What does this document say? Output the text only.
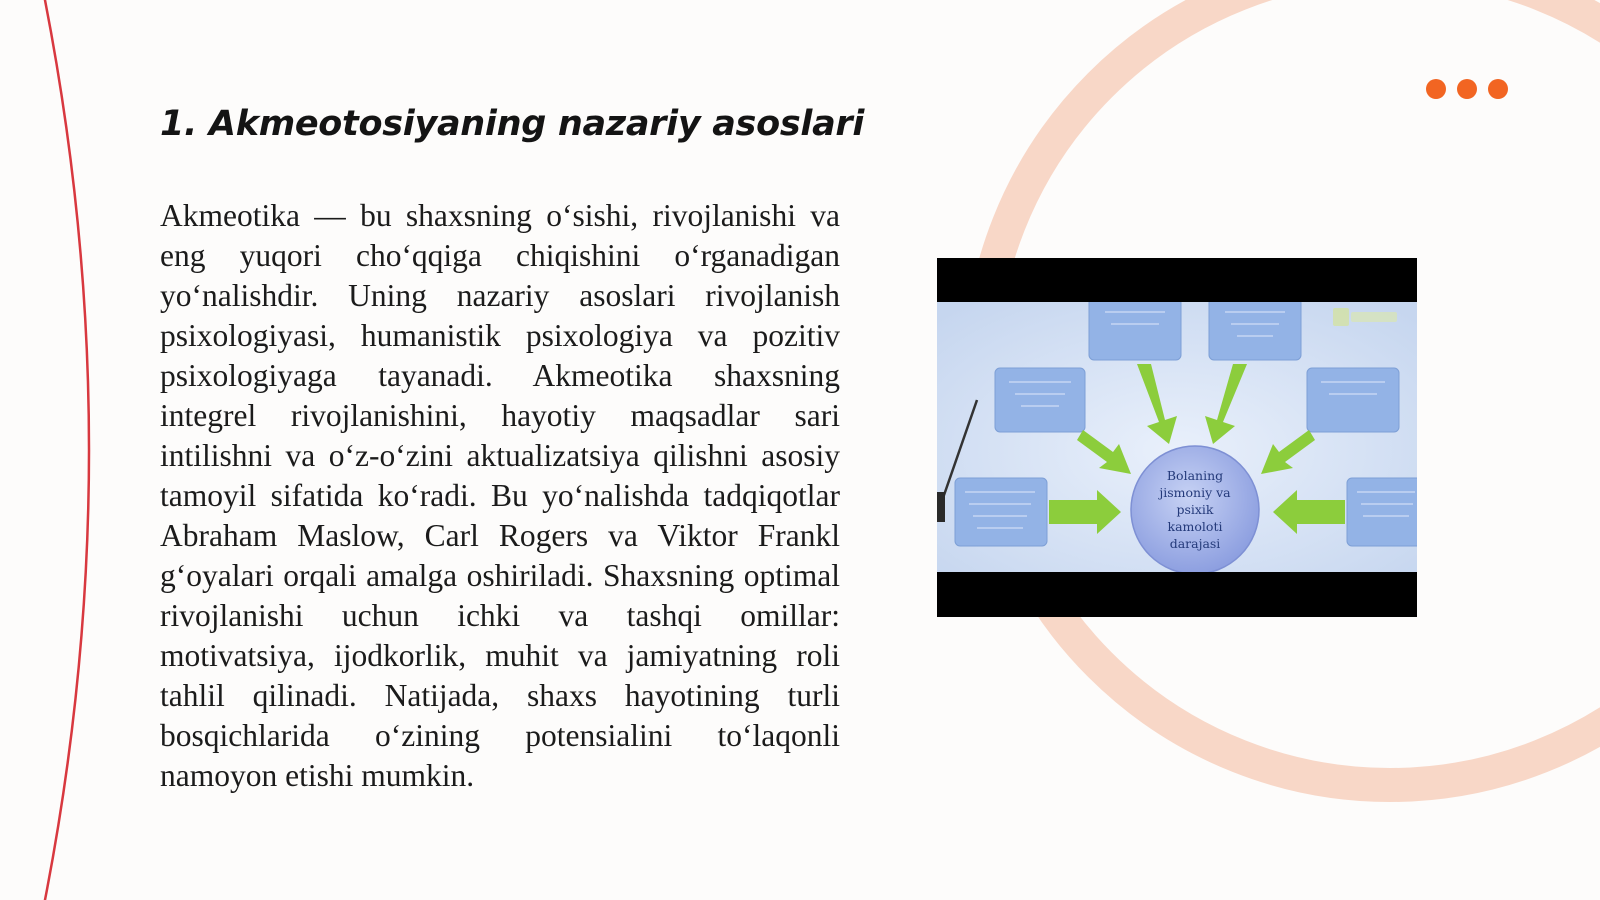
1. Akmeotosiyaning nazariy asoslari

Akmeotika — bu shaxsning o‘sishi, rivojlanishi va eng yuqori cho‘qqiga chiqishini o‘rganadigan yo‘nalishdir. Uning nazariy asoslari rivojlanish psixologiyasi, humanistik psixologiya va pozitiv psixologiyaga tayanadi. Akmeotika shaxsning integrel rivojlanishini, hayotiy maqsadlar sari intilishni va o‘z-o‘zini aktualizatsiya qilishni asosiy tamoyil sifatida ko‘radi. Bu yo‘nalishda tadqiqotlar Abraham Maslow, Carl Rogers va Viktor Frankl g‘oyalari orqali amalga oshiriladi. Shaxsning optimal rivojlanishi uchun ichki va tashqi omillar: motivatsiya, ijodkorlik, muhit va jamiyatning roli tahlil qilinadi. Natijada, shaxs hayotining turli bosqichlarida o‘zining potensialini to‘laqonli namoyon etishi mumkin.

Bolaning
jismoniy va
psixik
kamoloti
darajasi
